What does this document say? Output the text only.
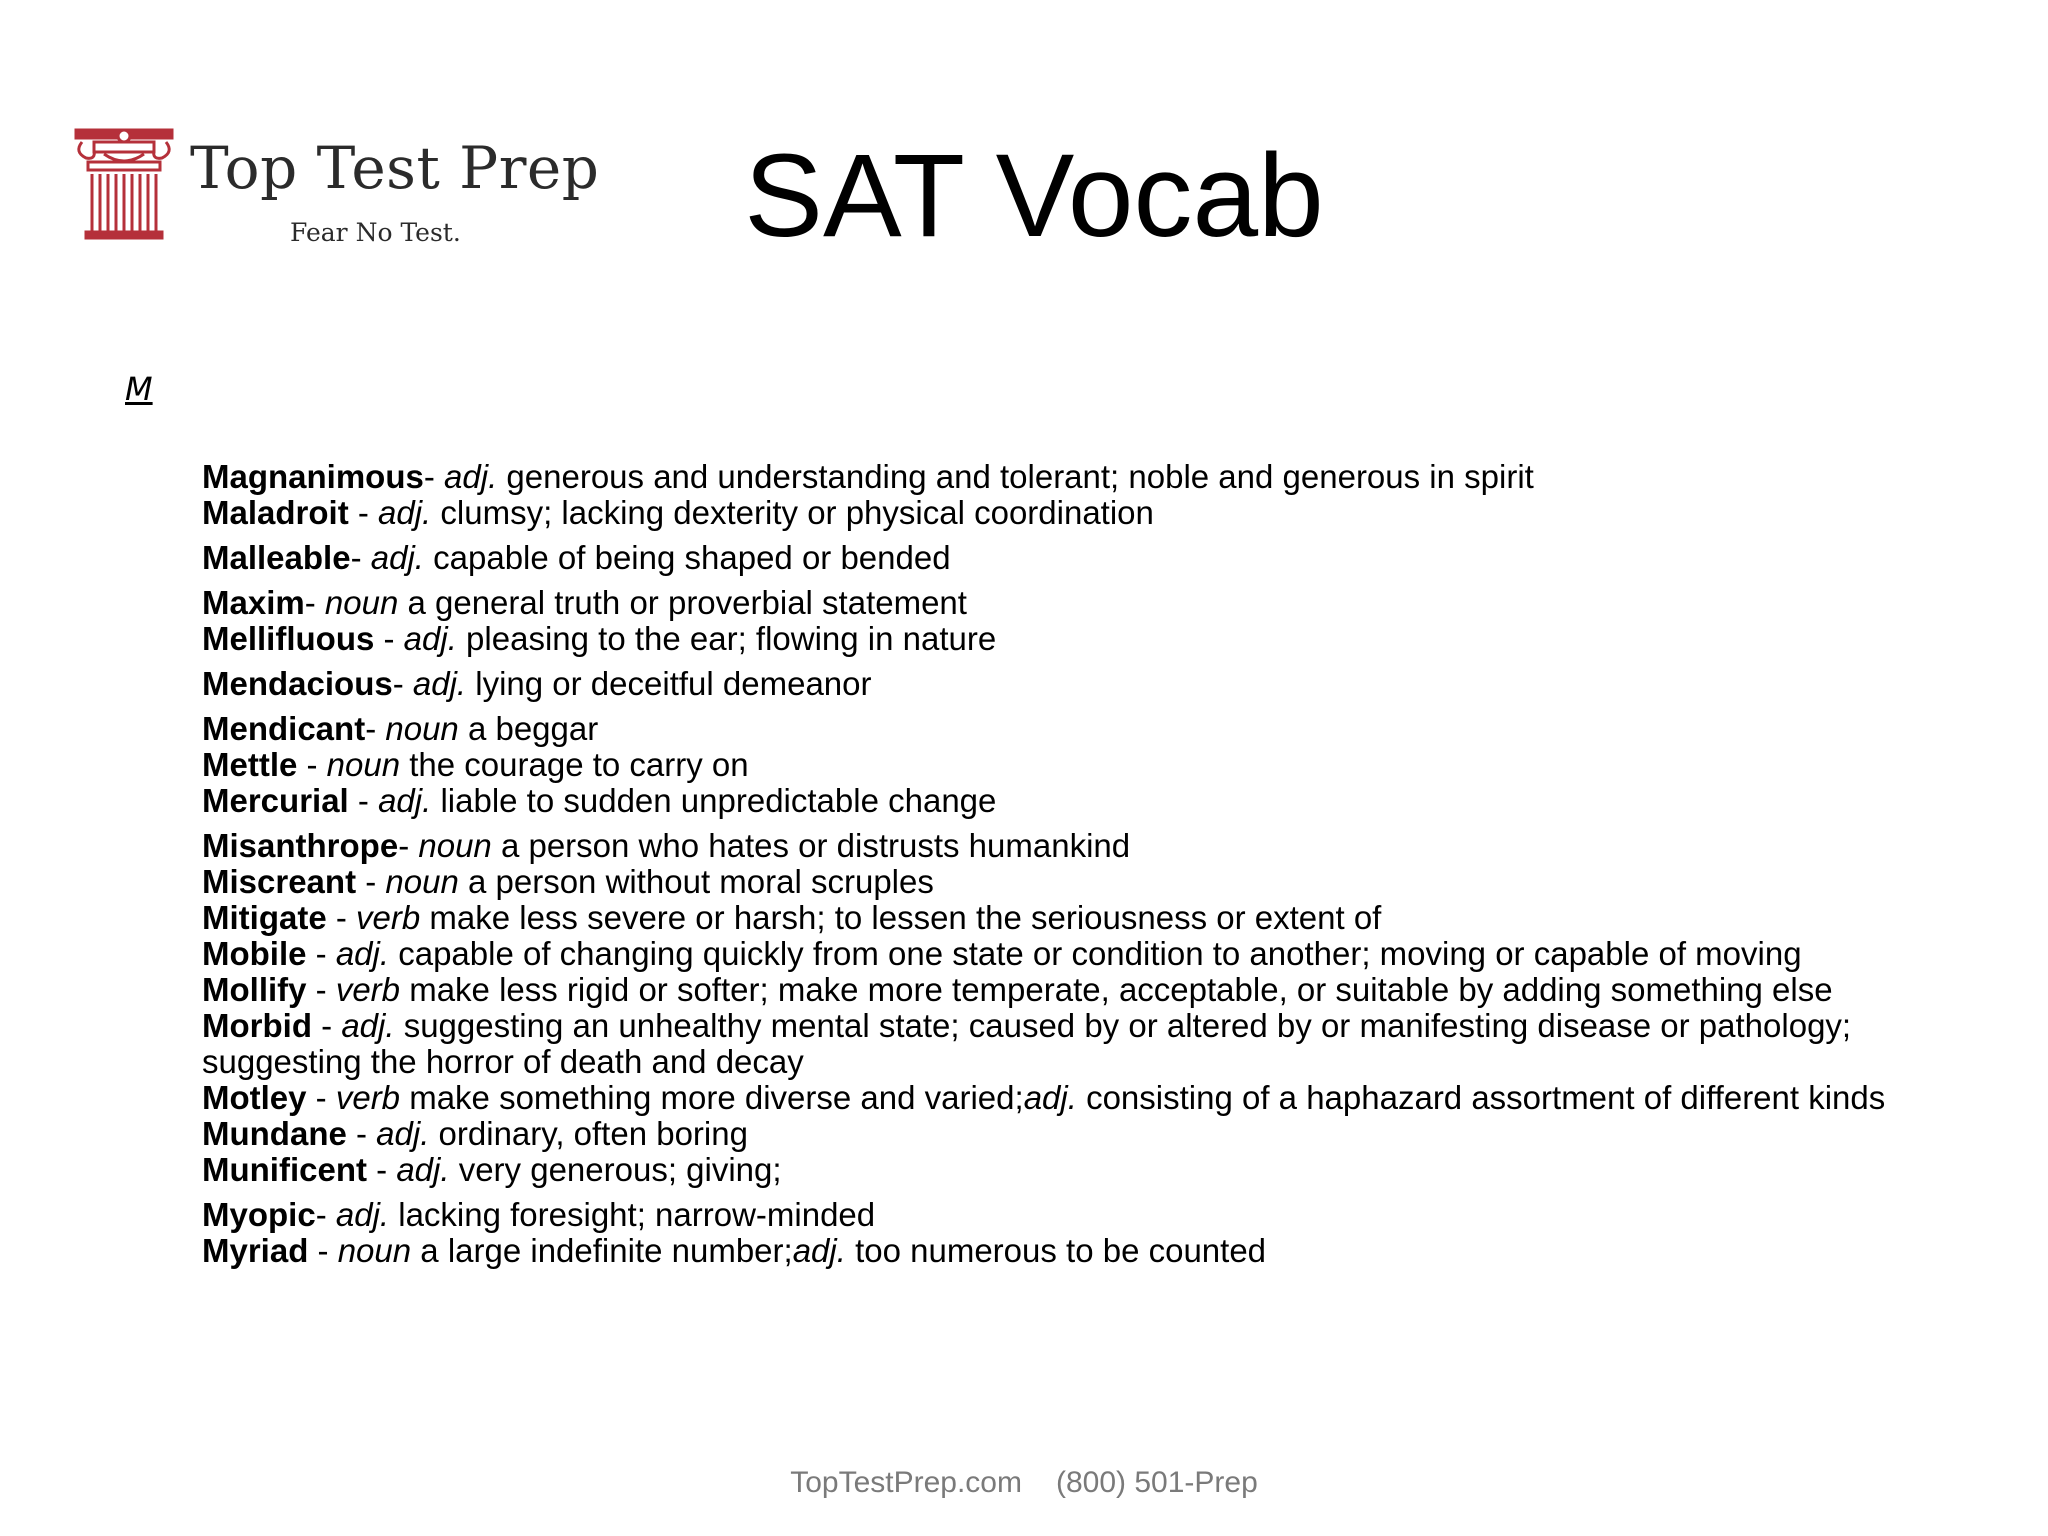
Top Test Prep
Fear No Test.	SAT Vocab
M

Magnanimous- adj. generous and understanding and tolerant; noble and generous in spirit

Maladroit - adj. clumsy; lacking dexterity or physical coordination

Malleable- adj. capable of being shaped or bended

Maxim- noun a general truth or proverbial statement

Mellifluous - adj. pleasing to the ear; flowing in nature

Mendacious- adj. lying or deceitful demeanor

Mendicant- noun a beggar

Mettle - noun the courage to carry on

Mercurial - adj. liable to sudden unpredictable change

Misanthrope- noun a person who hates or distrusts humankind

Miscreant - noun a person without moral scruples

Mitigate - verb make less severe or harsh; to lessen the seriousness or extent of

Mobile - adj. capable of changing quickly from one state or condition to another; moving or capable of moving

Mollify - verb make less rigid or softer; make more temperate, acceptable, or suitable by adding something else

Morbid - adj. suggesting an unhealthy mental state; caused by or altered by or manifesting disease or pathology; suggesting the horror of death and decay

Motley - verb make something more diverse and varied;adj. consisting of a haphazard assortment of different kinds

Mundane - adj. ordinary, often boring

Munificent - adj. very generous; giving;

Myopic- adj. lacking foresight; narrow-minded

Myriad - noun a large indefinite number;adj. too numerous to be counted

TopTestPrep.com (800) 501-Prep
